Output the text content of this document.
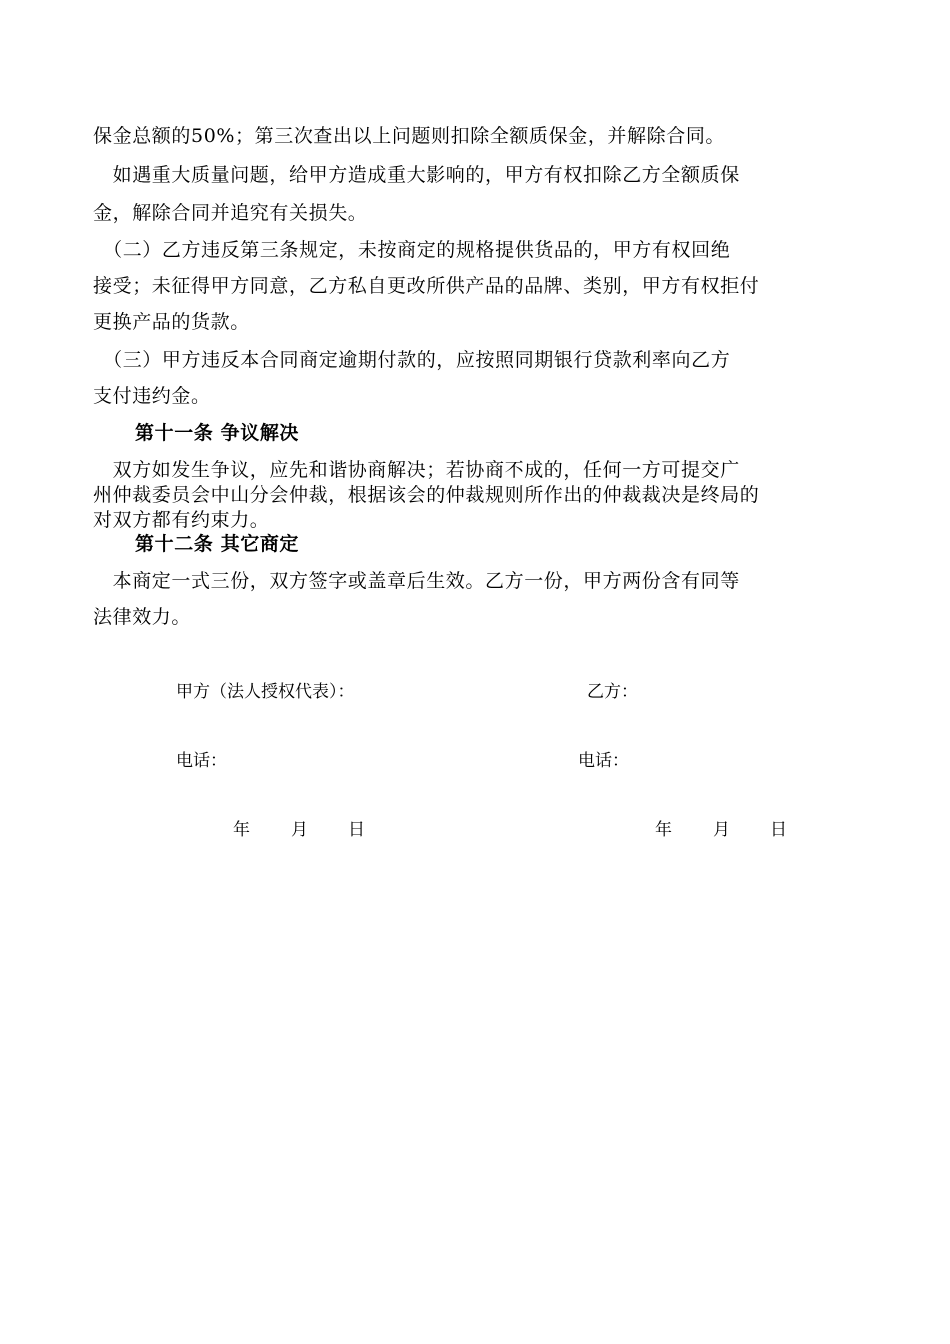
保金总额的50%；第三次查出以上问题则扣除全额质保金，并解除合同。
　如遇重大质量问题，给甲方造成重大影响的，甲方有权扣除乙方全额质保
金，解除合同并追究有关损失。
　（二）乙方违反第三条规定，未按商定的规格提供货品的，甲方有权回绝
接受；未征得甲方同意，乙方私自更改所供产品的品牌、类别，甲方有权拒付
更换产品的货款。
　（三）甲方违反本合同商定逾期付款的，应按照同期银行贷款利率向乙方
支付违约金。
第十一条 争议解决
　双方如发生争议，应先和谐协商解决；若协商不成的，任何一方可提交广
州仲裁委员会中山分会仲裁，根据该会的仲裁规则所作出的仲裁裁决是终局的
对双方都有约束力。
第十二条 其它商定
　本商定一式三份，双方签字或盖章后生效。乙方一份，甲方两份含有同等
法律效力。
甲方（法人授权代表）：	乙方：
电话：	电话：
年 月 日	年 月 日
